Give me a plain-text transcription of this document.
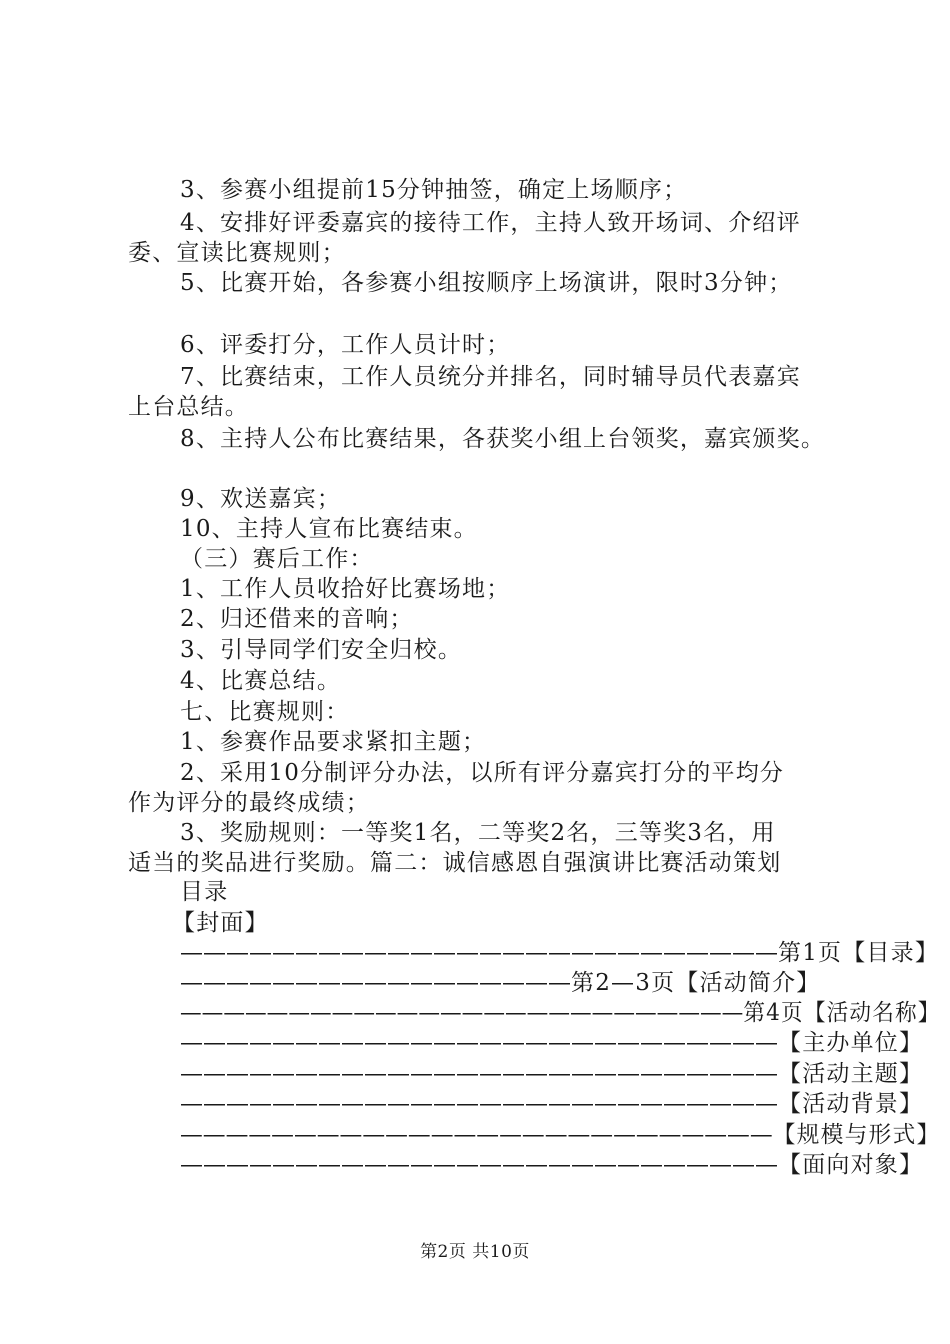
3、参赛小组提前15分钟抽签，确定上场顺序；
4、安排好评委嘉宾的接待工作，主持人致开场词、介绍评
委、宣读比赛规则；
5、比赛开始，各参赛小组按顺序上场演讲，限时3分钟；
6、评委打分，工作人员计时；
7、比赛结束，工作人员统分并排名，同时辅导员代表嘉宾
上台总结。
8、主持人公布比赛结果，各获奖小组上台领奖，嘉宾颁奖。
9、欢送嘉宾；
10、主持人宣布比赛结束。
（三）赛后工作：
1、工作人员收拾好比赛场地；
2、归还借来的音响；
3、引导同学们安全归校。
4、比赛总结。
七、比赛规则：
1、参赛作品要求紧扣主题；
2、采用10分制评分办法，以所有评分嘉宾打分的平均分
作为评分的最终成绩；
3、奖励规则：一等奖1名，二等奖2名，三等奖3名，用
适当的奖品进行奖励。篇二：诚信感恩自强演讲比赛活动策划
目录
【封面】
——————————————————————————第1页【目录】
—————————————————第2—3页【活动简介】
——————————————————————————第4页【活动名称】
——————————————————————————【主办单位】
——————————————————————————【活动主题】
——————————————————————————【活动背景】
——————————————————————————【规模与形式】
——————————————————————————【面向对象】
第2页 共10页
